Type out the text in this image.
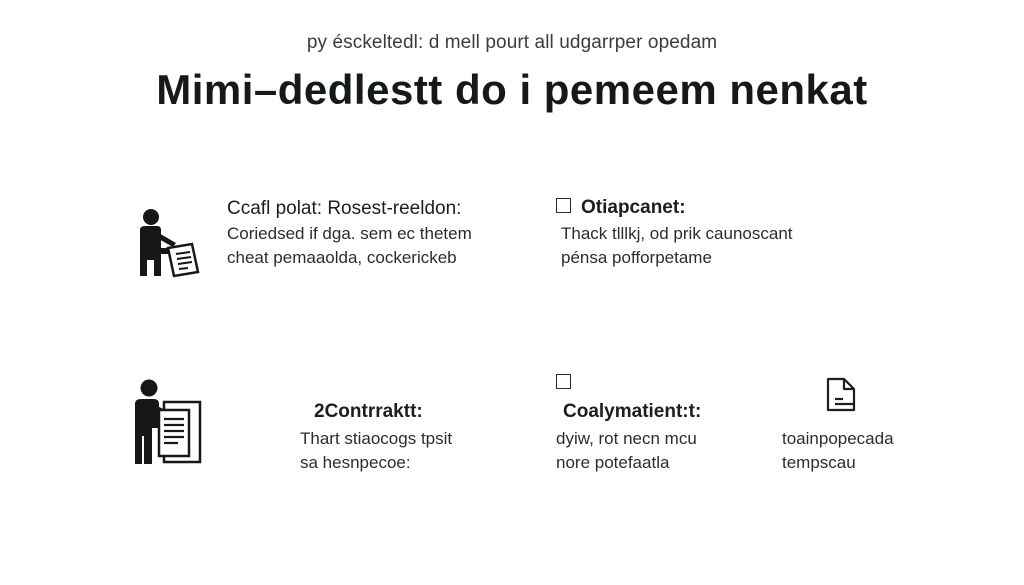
py ésckeltedl: d mell pourt all udgarrper opedam
Mimi–dedlestt do i pemeem nenkat
Ccafl polat: Rosest-reeldon:
Coriedsed if dga. sem ec thetem
cheat pemaaolda, cockerickeb
Otiapcanet:
Thack tlllkj, od prik caunoscant
pénsa pofforpetame
2Contrraktt:
Thart stiaocogs tpsit
sa hesnpecoe:
Coalymatient:t:
dyiw, rot necn mcu
nore potefaatla
toainpopecada
tempscau
